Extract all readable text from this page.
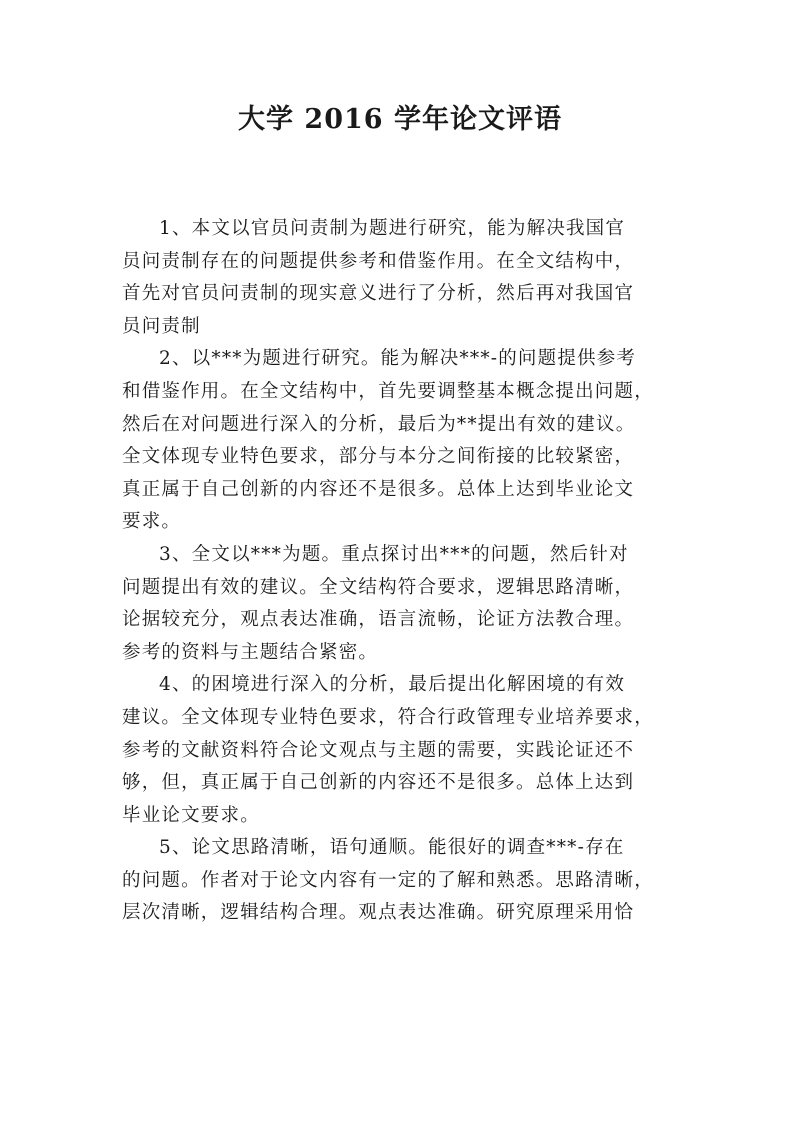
大学 2016 学年论文评语

1、本文以官员问责制为题进行研究，能为解决我国官
员问责制存在的问题提供参考和借鉴作用。在全文结构中，
首先对官员问责制的现实意义进行了分析，然后再对我国官
员问责制

2、以***为题进行研究。能为解决***-的问题提供参考
和借鉴作用。在全文结构中，首先要调整基本概念提出问题，
然后在对问题进行深入的分析，最后为**提出有效的建议。
全文体现专业特色要求，部分与本分之间衔接的比较紧密，
真正属于自己创新的内容还不是很多。总体上达到毕业论文
要求。

3、全文以***为题。重点探讨出***的问题，然后针对
问题提出有效的建议。全文结构符合要求，逻辑思路清晰，
论据较充分，观点表达准确，语言流畅，论证方法教合理。
参考的资料与主题结合紧密。

4、的困境进行深入的分析，最后提出化解困境的有效
建议。全文体现专业特色要求，符合行政管理专业培养要求，
参考的文献资料符合论文观点与主题的需要，实践论证还不
够，但，真正属于自己创新的内容还不是很多。总体上达到
毕业论文要求。

5、论文思路清晰，语句通顺。能很好的调查***-存在
的问题。作者对于论文内容有一定的了解和熟悉。思路清晰，
层次清晰，逻辑结构合理。观点表达准确。研究原理采用恰
